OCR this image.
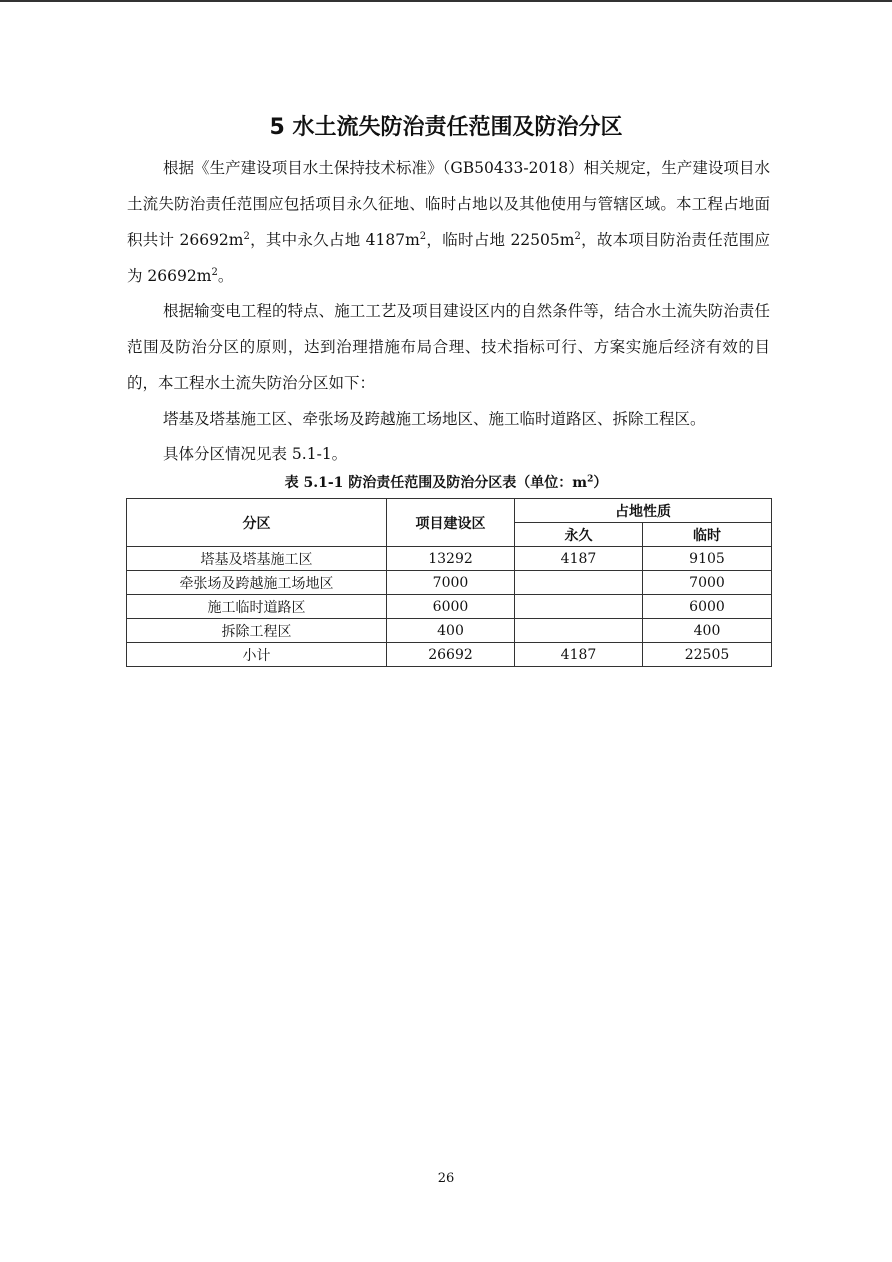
5 水土流失防治责任范围及防治分区

根据《生产建设项目水土保持技术标准》（GB50433-2018）相关规定，生产建设项目水土流失防治责任范围应包括项目永久征地、临时占地以及其他使用与管辖区域。本工程占地面积共计 $26692m^2$，其中永久占地 $4187m^2$，临时占地 $22505m^2$，故本项目防治责任范围应为 $26692m^2$。

根据输变电工程的特点、施工工艺及项目建设区内的自然条件等，结合水土流失防治责任范围及防治分区的原则，达到治理措施布局合理、技术指标可行、方案实施后经济有效的目的，本工程水土流失防治分区如下：

塔基及塔基施工区、牵张场及跨越施工场地区、施工临时道路区、拆除工程区。

具体分区情况见表 5.1-1。

表 5.1-1 防治责任范围及防治分区表（单位：$m^2$）
分区	项目建设区	占地性质	
		永久	临时
塔基及塔基施工区	13292	4187	9105
牵张场及跨越施工场地区	7000		7000
施工临时道路区	6000		6000
拆除工程区	400		400
小计	26692	4187	22505
26
